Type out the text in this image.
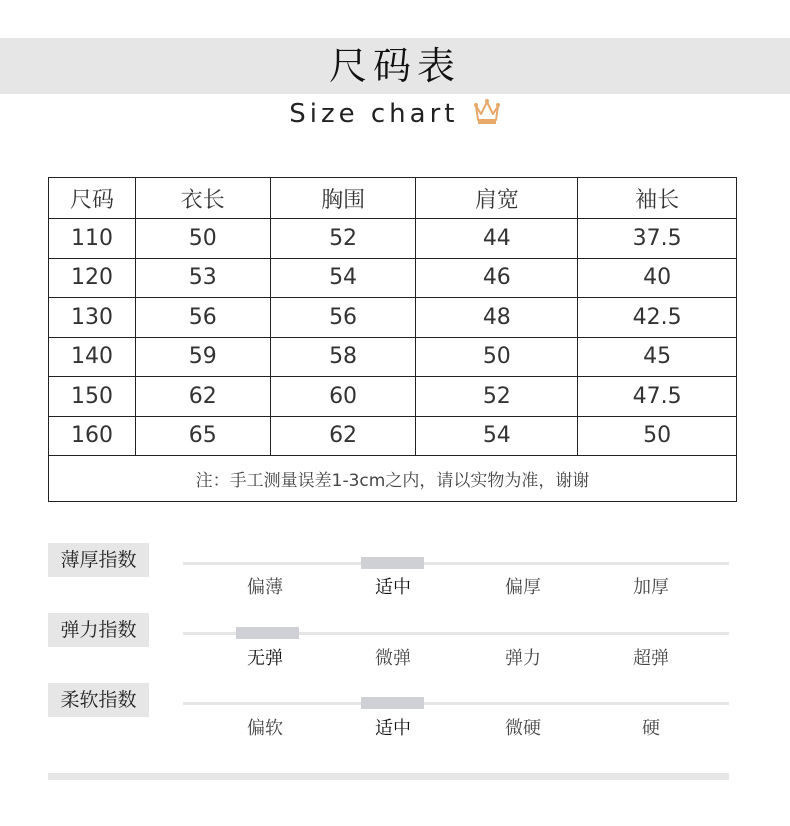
尺码表
Size chart
尺码	衣长	胸围	肩宽	袖长
110	50	52	44	37.5
120	53	54	46	40
130	56	56	48	42.5
140	59	58	50	45
150	62	60	52	47.5
160	65	62	54	50
注：手工测量误差1-3cm之内，请以实物为准，谢谢				
薄厚指数
偏薄	适中	偏厚	加厚
弹力指数
无弹	微弹	弹力	超弹
柔软指数
偏软	适中	微硬	硬
